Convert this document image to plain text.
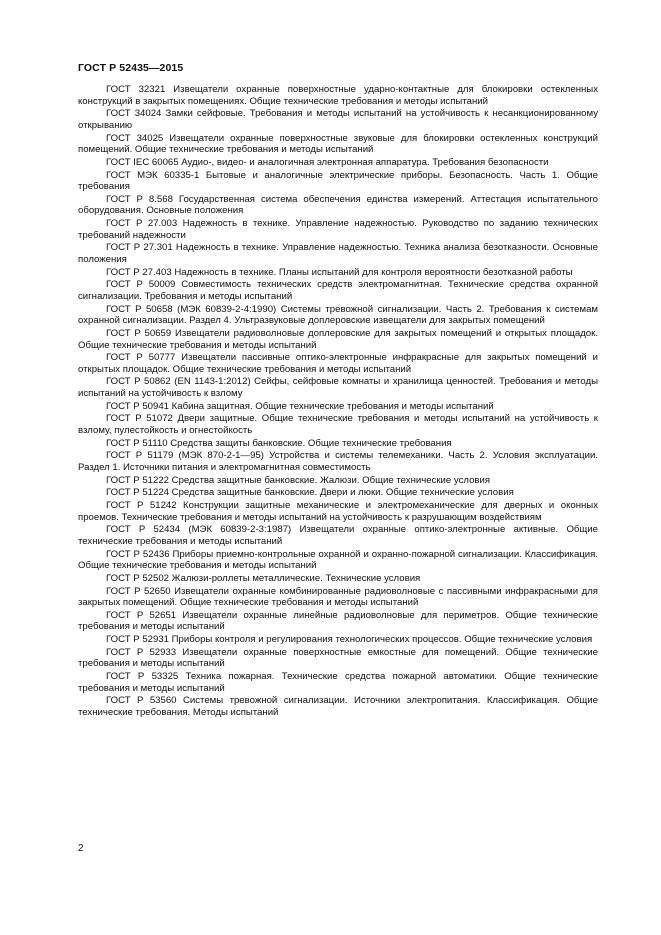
ГОСТ Р 52435—2015

ГОСТ 32321 Извещатели охранные поверхностные ударно-контактные для блокировки остекленных конструкций в закрытых помещениях. Общие технические требования и методы испытаний

ГОСТ 34024 Замки сейфовые. Требования и методы испытаний на устойчивость к несанкционированному открыванию

ГОСТ 34025 Извещатели охранные поверхностные звуковые для блокировки остекленных конструкций помещений. Общие технические требования и методы испытаний

ГОСТ IEC 60065 Аудио-, видео- и аналогичная электронная аппаратура. Требования безопасности

ГОСТ МЭК 60335-1 Бытовые и аналогичные электрические приборы. Безопасность. Часть 1. Общие требования

ГОСТ Р 8.568 Государственная система обеспечения единства измерений. Аттестация испытательного оборудования. Основные положения

ГОСТ Р 27.003 Надежность в технике. Управление надежностью. Руководство по заданию технических требований надежности

ГОСТ Р 27.301 Надежность в технике. Управление надежностью. Техника анализа безотказности. Основные положения

ГОСТ Р 27.403 Надежность в технике. Планы испытаний для контроля вероятности безотказной работы

ГОСТ Р 50009 Совместимость технических средств электромагнитная. Технические средства охранной сигнализации. Требования и методы испытаний

ГОСТ Р 50658 (МЭК 60839-2-4:1990) Системы тревожной сигнализации. Часть 2. Требования к системам охранной сигнализации. Раздел 4. Ультразвуковые доплеровские извещатели для закрытых помещений

ГОСТ Р 50659 Извещатели радиоволновые доплеровские для закрытых помещений и открытых площадок. Общие технические требования и методы испытаний

ГОСТ Р 50777 Извещатели пассивные оптико-электронные инфракрасные для закрытых помещений и открытых площадок. Общие технические требования и методы испытаний

ГОСТ Р 50862 (EN 1143-1:2012) Сейфы, сейфовые комнаты и хранилища ценностей. Требования и методы испытаний на устойчивость к взлому

ГОСТ Р 50941 Кабина защитная. Общие технические требования и методы испытаний

ГОСТ Р 51072 Двери защитные. Общие технические требования и методы испытаний на устойчивость к взлому, пулестойкость и огнестойкость

ГОСТ Р 51110 Средства защиты банковские. Общие технические требования

ГОСТ Р 51179 (МЭК 870-2-1—95) Устройства и системы телемеханики. Часть 2. Условия эксплуатации. Раздел 1. Источники питания и электромагнитная совместимость

ГОСТ Р 51222 Средства защитные банковские. Жалюзи. Общие технические условия

ГОСТ Р 51224 Средства защитные банковские. Двери и люки. Общие технические условия

ГОСТ Р 51242 Конструкции защитные механические и электромеханические для дверных и оконных проемов. Технические требования и методы испытаний на устойчивость к разрушающим воздействиям

ГОСТ Р 52434 (МЭК 60839-2-3:1987) Извещатели охранные оптико-электронные активные. Общие технические требования и методы испытаний

ГОСТ Р 52436 Приборы приемно-контрольные охранной и охранно-пожарной сигнализации. Классификация. Общие технические требования и методы испытаний

ГОСТ Р 52502 Жалюзи-роллеты металлические. Технические условия

ГОСТ Р 52650 Извещатели охранные комбинированные радиоволновые с пассивными инфракрасными для закрытых помещений. Общие технические требования и методы испытаний

ГОСТ Р 52651 Извещатели охранные линейные радиоволновые для периметров. Общие технические требования и методы испытаний

ГОСТ Р 52931 Приборы контроля и регулирования технологических процессов. Общие технические условия

ГОСТ Р 52933 Извещатели охранные поверхностные емкостные для помещений. Общие технические требования и методы испытаний

ГОСТ Р 53325 Техника пожарная. Технические средства пожарной автоматики. Общие технические требования и методы испытаний

ГОСТ Р 53560 Системы тревожной сигнализации. Источники электропитания. Классификация. Общие технические требования. Методы испытаний

2
